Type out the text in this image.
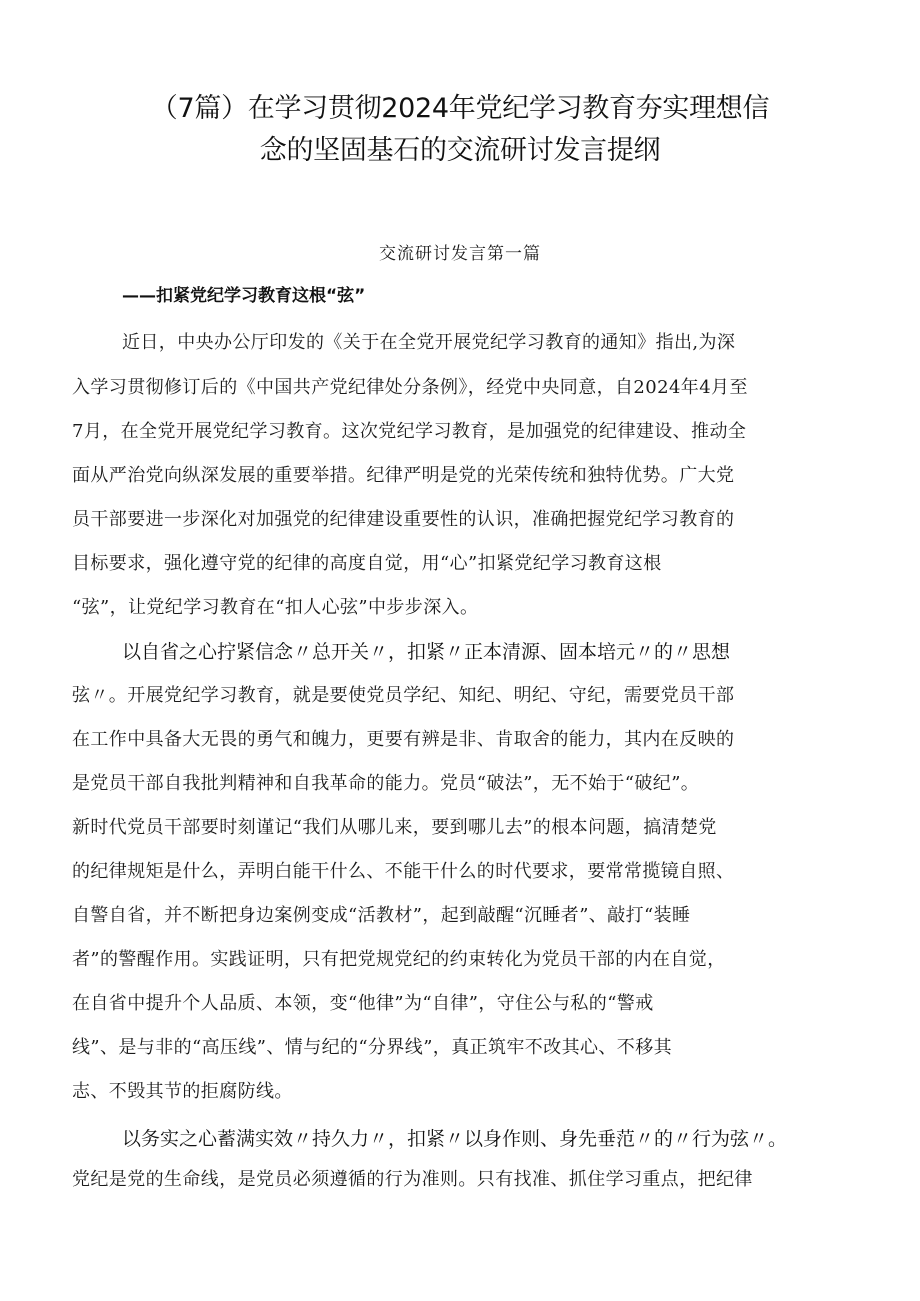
（7篇）在学习贯彻2024年党纪学习教育夯实理想信
念的坚固基石的交流研讨发言提纲
交流研讨发言第一篇
——扣紧党纪学习教育这根“弦”
近日，中央办公厅印发的《关于在全党开展党纪学习教育的通知》指出,为深
入学习贯彻修订后的《中国共产党纪律处分条例》，经党中央同意，自2024年4月至
7月，在全党开展党纪学习教育。这次党纪学习教育，是加强党的纪律建设、推动全
面从严治党向纵深发展的重要举措。纪律严明是党的光荣传统和独特优势。广大党
员干部要进一步深化对加强党的纪律建设重要性的认识，准确把握党纪学习教育的
目标要求，强化遵守党的纪律的高度自觉，用“心”扣紧党纪学习教育这根
“弦”，让党纪学习教育在“扣人心弦”中步步深入。
以自省之心拧紧信念〃总开关〃，扣紧〃正本清源、固本培元〃的〃思想
弦〃。开展党纪学习教育，就是要使党员学纪、知纪、明纪、守纪，需要党员干部
在工作中具备大无畏的勇气和魄力，更要有辨是非、肯取舍的能力，其内在反映的
是党员干部自我批判精神和自我革命的能力。党员“破法”，无不始于“破纪”。
新时代党员干部要时刻谨记“我们从哪儿来，要到哪儿去”的根本问题，搞清楚党
的纪律规矩是什么，弄明白能干什么、不能干什么的时代要求，要常常揽镜自照、
自警自省，并不断把身边案例变成“活教材”，起到敲醒“沉睡者”、敲打“装睡
者”的警醒作用。实践证明，只有把党规党纪的约束转化为党员干部的内在自觉，
在自省中提升个人品质、本领，变“他律”为“自律”，守住公与私的“警戒
线”、是与非的“高压线”、情与纪的“分界线”，真正筑牢不改其心、不移其
志、不毁其节的拒腐防线。
以务实之心蓄满实效〃持久力〃，扣紧〃以身作则、身先垂范〃的〃行为弦〃。
党纪是党的生命线，是党员必须遵循的行为准则。只有找准、抓住学习重点，把纪律
